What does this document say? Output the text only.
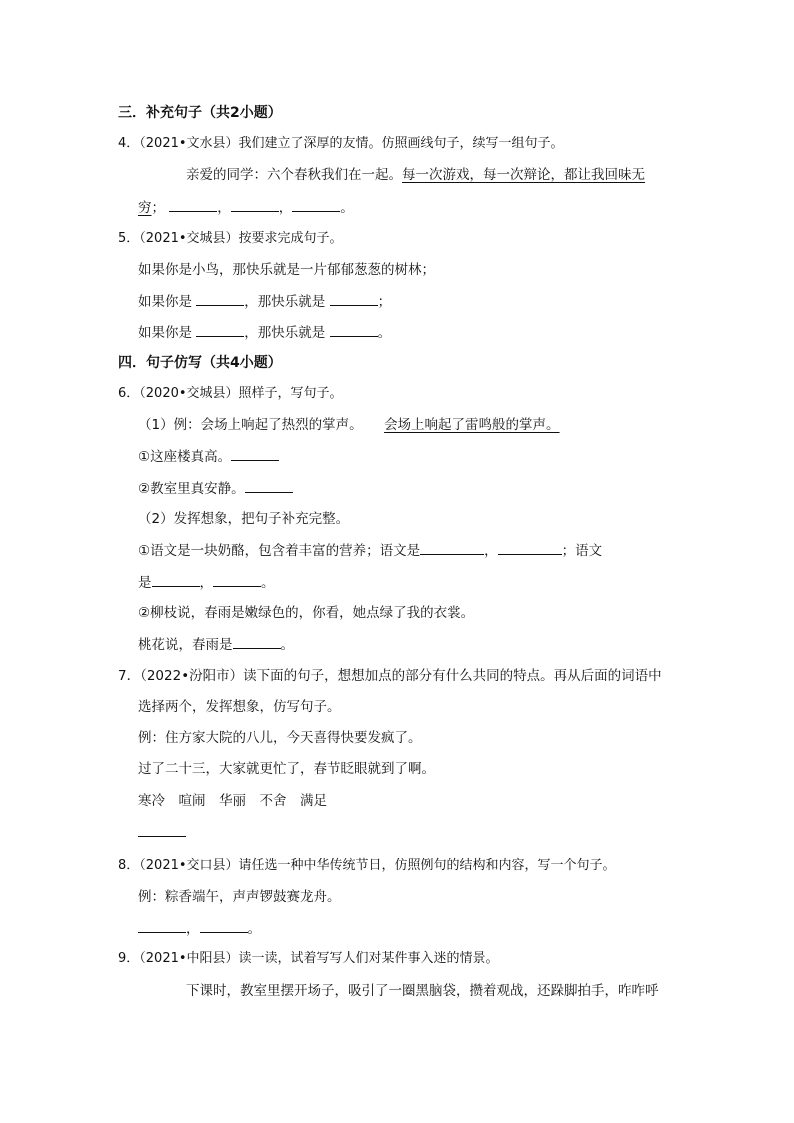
三．补充句子（共2小题）
4．（2021•文水县）我们建立了深厚的友情。仿照画线句子，续写一组句子。
亲爱的同学：六个春秋我们在一起。每一次游戏，每一次辩论，都让我回味无
穷；	，	，	。
5．（2021•交城县）按要求完成句子。
如果你是小鸟，那快乐就是一片郁郁葱葱的树林；
如果你是	，那快乐就是	；
如果你是	，那快乐就是	。
四．句子仿写（共4小题）
6．（2020•交城县）照样子，写句子。
（1）例：会场上响起了热烈的掌声。 会场上响起了雷鸣般的掌声。
①这座楼真高。
②教室里真安静。
（2）发挥想象，把句子补充完整。
①语文是一块奶酪，包含着丰富的营养；语文是	，	；语文
是	，	。
②柳枝说，春雨是嫩绿色的，你看，她点绿了我的衣裳。
桃花说，春雨是	。
7．（2022•汾阳市）读下面的句子，想想加点的部分有什么共同的特点。再从后面的词语中
选择两个，发挥想象，仿写句子。
例：住方家大院的八儿，今天喜得快要发疯了。
过了二十三，大家就更忙了，春节眨眼就到了啊。
寒冷　喧闹　华丽　不舍　满足
8．（2021•交口县）请任选一种中华传统节日，仿照例句的结构和内容，写一个句子。
例：粽香端午，声声锣鼓赛龙舟。
，	。
9．（2021•中阳县）读一读，试着写写人们对某件事入迷的情景。
下课时，教室里摆开场子，吸引了一圈黑脑袋，攒着观战，还跺脚拍手，咋咋呼
